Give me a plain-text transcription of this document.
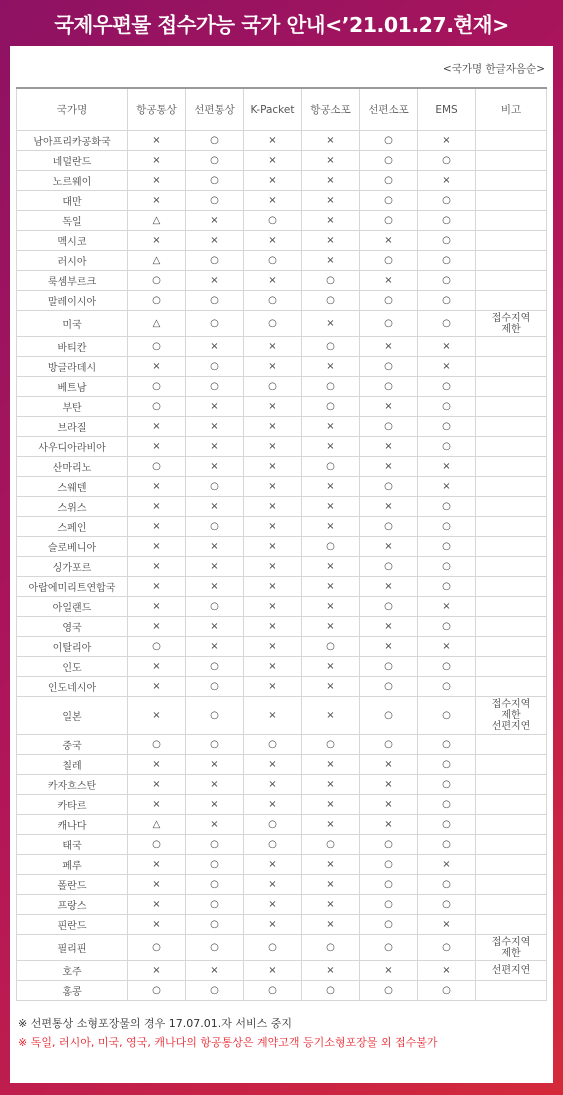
국제우편물 접수가능 국가 안내<’21.01.27.현재>
<국가명 한글자음순>
국가명	항공통상	선편통상	K-Packet	항공소포	선편소포	EMS	비고
남아프리카공화국	×	○	×	×	○	×	
네덜란드	×	○	×	×	○	○	
노르웨이	×	○	×	×	○	×	
대만	×	○	×	×	○	○	
독일	△	×	○	×	○	○	
멕시코	×	×	×	×	×	○	
러시아	△	○	○	×	○	○	
룩셈부르크	○	×	×	○	×	○	
말레이시아	○	○	○	○	○	○	
미국	△	○	○	×	○	○	접수지역
제한

바티칸	○	×	×	○	×	×	
방글라데시	×	○	×	×	○	×	
베트남	○	○	○	○	○	○	
부탄	○	×	×	○	×	○	
브라질	×	×	×	×	○	○	
사우디아라비아	×	×	×	×	×	○	
산마리노	○	×	×	○	×	×	
스웨덴	×	○	×	×	○	×	
스위스	×	×	×	×	×	○	
스페인	×	○	×	×	○	○	
슬로베니아	×	×	×	○	×	○	
싱가포르	×	×	×	×	○	○	
아랍에미리트연합국	×	×	×	×	×	○	
아일랜드	×	○	×	×	○	×	
영국	×	×	×	×	×	○	
이탈리아	○	×	×	○	×	×	
인도	×	○	×	×	○	○	
인도네시아	×	○	×	×	○	○	
일본	×	○	×	×	○	○	접수지역
제한
선편지연

중국	○	○	○	○	○	○	
칠레	×	×	×	×	×	○	
카자흐스탄	×	×	×	×	×	○	
카타르	×	×	×	×	×	○	
캐나다	△	×	○	×	×	○	
태국	○	○	○	○	○	○	
페루	×	○	×	×	○	×	
폴란드	×	○	×	×	○	○	
프랑스	×	○	×	×	○	○	
핀란드	×	○	×	×	○	×	
필리핀	○	○	○	○	○	○	접수지역
제한

호주	×	×	×	×	×	×	선편지연

홍콩	○	○	○	○	○	○	
※ 선편통상 소형포장물의 경우 17.07.01.자 서비스 중지
※ 독일, 러시아, 미국, 영국, 캐나다의 항공통상은 계약고객 등기소형포장물 외 접수불가
